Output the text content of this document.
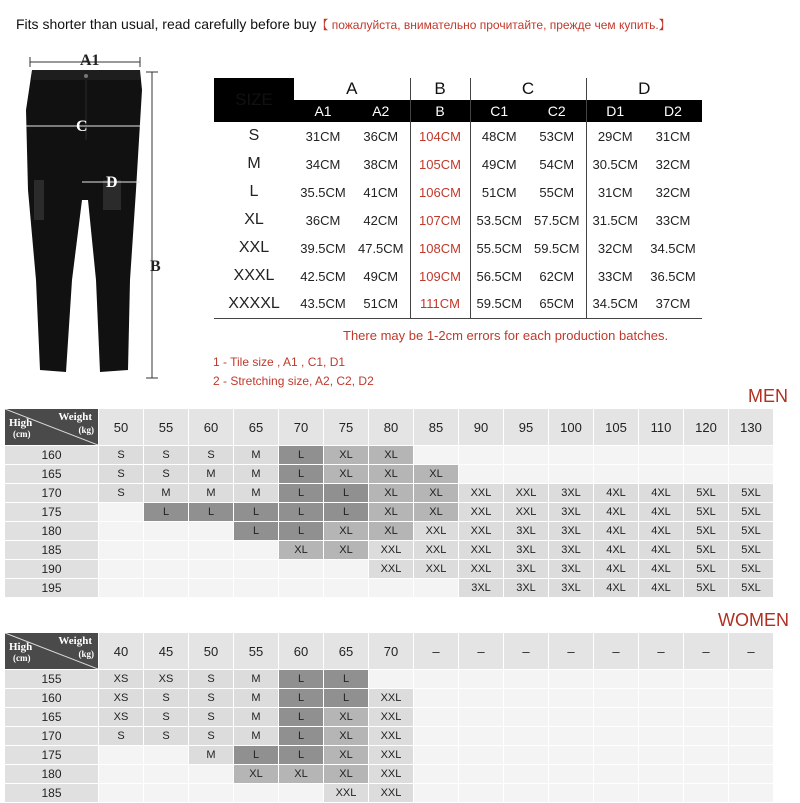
Fits shorter than usual, read carefully before buy【 пожалуйста, внимательно прочитайте, прежде чем купить.】
A1
C
D
B
SIZE	A		B	C		D	
	A1	A2	B	C1	C2	D1	D2
S	31CM	36CM	104CM	48CM	53CM	29CM	31CM
M	34CM	38CM	105CM	49CM	54CM	30.5CM	32CM
L	35.5CM	41CM	106CM	51CM	55CM	31CM	32CM
XL	36CM	42CM	107CM	53.5CM	57.5CM	31.5CM	33CM
XXL	39.5CM	47.5CM	108CM	55.5CM	59.5CM	32CM	34.5CM
XXXL	42.5CM	49CM	109CM	56.5CM	62CM	33CM	36.5CM
XXXXL	43.5CM	51CM	111CM	59.5CM	65CM	34.5CM	37CM
There may be 1-2cm errors for each production batches.
1 - Tile size , A1 , C1, D1
2 - Stretching size, A2, C2, D2
MEN
Weight
(kg)
High
(cm)	50	55	60	65	70	75	80	85	90	95	100	105	110	120	130
160	S	S	S	M	L	XL	XL								
165	S	S	M	M	L	XL	XL	XL							
170	S	M	M	M	L	L	XL	XL	XXL	XXL	3XL	4XL	4XL	5XL	5XL
175		L	L	L	L	L	XL	XL	XXL	XXL	3XL	4XL	4XL	5XL	5XL
180				L	L	XL	XL	XXL	XXL	3XL	3XL	4XL	4XL	5XL	5XL
185					XL	XL	XXL	XXL	XXL	3XL	3XL	4XL	4XL	5XL	5XL
190							XXL	XXL	XXL	3XL	3XL	4XL	4XL	5XL	5XL
195									3XL	3XL	3XL	4XL	4XL	5XL	5XL
WOMEN
Weight
(kg)
High
(cm)	40	45	50	55	60	65	70	–	–	–	–	–	–	–	–
155	XS	XS	S	M	L	L									
160	XS	S	S	M	L	L	XXL								
165	XS	S	S	M	L	XL	XXL								
170	S	S	S	M	L	XL	XXL								
175			M	L	L	XL	XXL								
180				XL	XL	XL	XXL								
185						XXL	XXL								
